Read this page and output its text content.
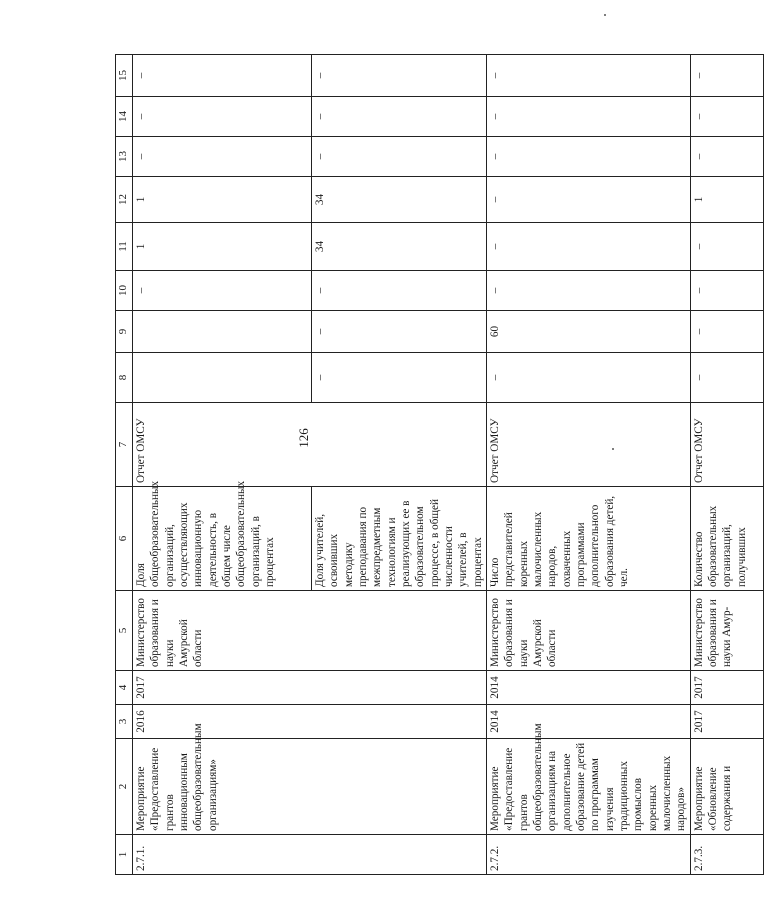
126
1	2	3	4	5	6	7	8	9	10	11	12	13	14	15
2.7.1.	Мероприятие «Предоставление грантов инновационным общеобразовательным организациям»	2016	2017	Министерство образования и науки Амурской области	Доля общеобразовательных организаций, осуществляющих инновационную деятельность, в общем числе общеобразовательных организаций, в процентах	Отчет ОМСУ			–	1	1	–	–	–
					Доля учителей, освоивших методику преподавания по межпредметным технологиям и реализующих ее в образовательном процессе, в общей численности учителей, в процентах		–	–	–	34	34	–	–	–
2.7.2.	Мероприятие «Предоставление грантов общеобразовательным организациям на дополнительное образование детей по программам изучения традиционных промыслов коренных малочисленных народов»	2014	2014	Министерство образования и науки Амурской области	Число представителей коренных малочисленных народов, охваченных программами дополнительного образования детей, чел.	Отчет ОМСУ	–	60	–	–	–	–	–	–
2.7.3.	Мероприятие «Обновление содержания и	2017	2017	Министерство образования и науки Амур-	Количество образовательных организаций, получивших	Отчет ОМСУ	–	–	–	–	1	–	–	–
